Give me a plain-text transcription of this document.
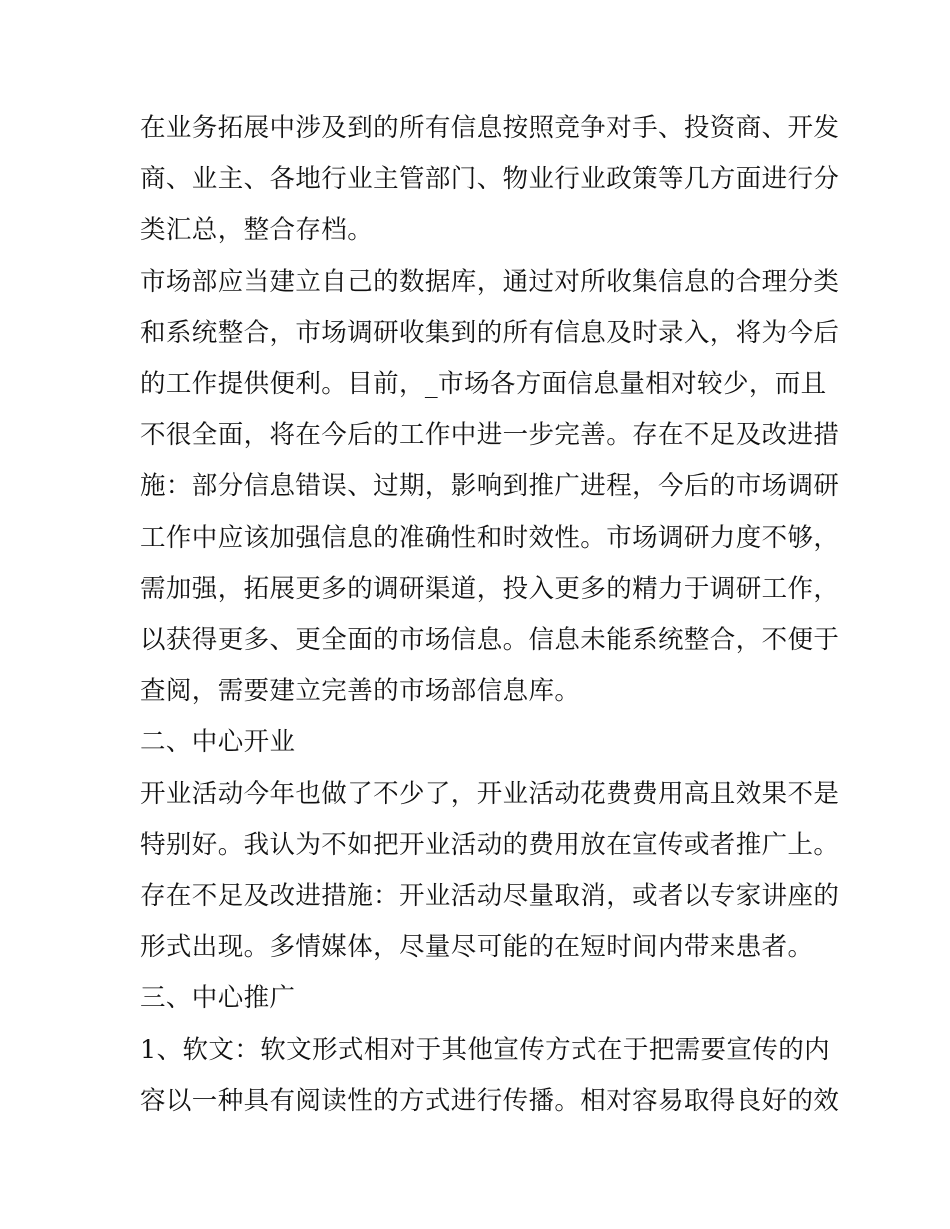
在业务拓展中涉及到的所有信息按照竞争对手、投资商、开发
商、业主、各地行业主管部门、物业行业政策等几方面进行分
类汇总，整合存档。

市场部应当建立自己的数据库，通过对所收集信息的合理分类
和系统整合，市场调研收集到的所有信息及时录入，将为今后
的工作提供便利。目前，_市场各方面信息量相对较少，而且
不很全面，将在今后的工作中进一步完善。存在不足及改进措
施：部分信息错误、过期，影响到推广进程，今后的市场调研
工作中应该加强信息的准确性和时效性。市场调研力度不够，
需加强，拓展更多的调研渠道，投入更多的精力于调研工作，
以获得更多、更全面的市场信息。信息未能系统整合，不便于
查阅，需要建立完善的市场部信息库。

二、中心开业

开业活动今年也做了不少了，开业活动花费费用高且效果不是
特别好。我认为不如把开业活动的费用放在宣传或者推广上。
存在不足及改进措施：开业活动尽量取消，或者以专家讲座的
形式出现。多情媒体，尽量尽可能的在短时间内带来患者。

三、中心推广

1、软文：软文形式相对于其他宣传方式在于把需要宣传的内
容以一种具有阅读性的方式进行传播。相对容易取得良好的效
